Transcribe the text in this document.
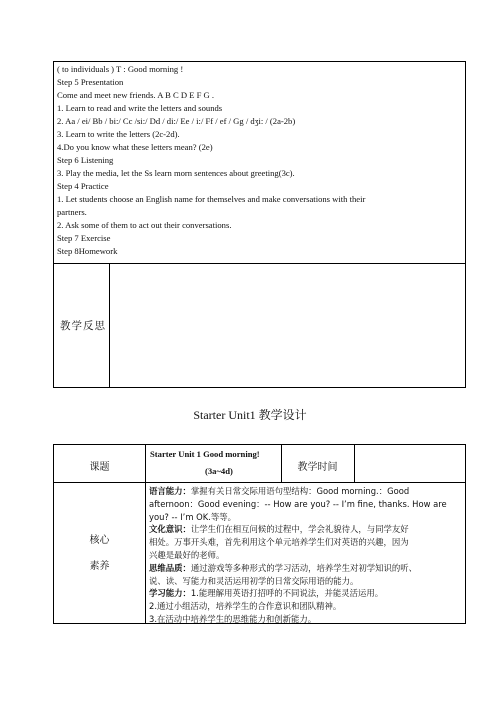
( to individuals ) T : Good morning !
Step 5 Presentation
Come and meet new friends. A B C D E F G .
1. Learn to read and write the letters and sounds
2. Aa / ei/ Bb / bi:/ Cc /si:/ Dd / di:/ Ee / i:/ Ff / ef / Gg / dʒi: / (2a-2b)
3. Learn to write the letters (2c-2d).
4.Do you know what these letters mean? (2e)
Step 6 Listening
3. Play the media, let the Ss learn morn sentences about greeting(3c).
Step 4 Practice
1. Let students choose an English name for themselves and make conversations with their
partners.
2. Ask some of them to act out their conversations.
Step 7 Exercise
Step 8Homework
教学反思
Starter Unit1 教学设计
课题
Starter Unit 1 Good morning!
(3a~4d)	教学时间
核心
素养
语言能力：掌握有关日常交际用语句型结构：Good morning.：Good
afternoon：Good evening：-- How are you? -- I’m fine, thanks. How are
you? -- I’m OK.等等。
文化意识：让学生们在相互问候的过程中，学会礼貌待人，与同学友好
相处。万事开头难，首先利用这个单元培养学生们对英语的兴趣，因为
兴趣是最好的老师。
思维品质：通过游戏等多种形式的学习活动，培养学生对初学知识的听、
说、读、写能力和灵活运用初学的日常交际用语的能力。
学习能力：1.能理解用英语打招呼的不同说法，并能灵活运用。
2.通过小组活动，培养学生的合作意识和团队精神。
3.在活动中培养学生的思维能力和创新能力。
